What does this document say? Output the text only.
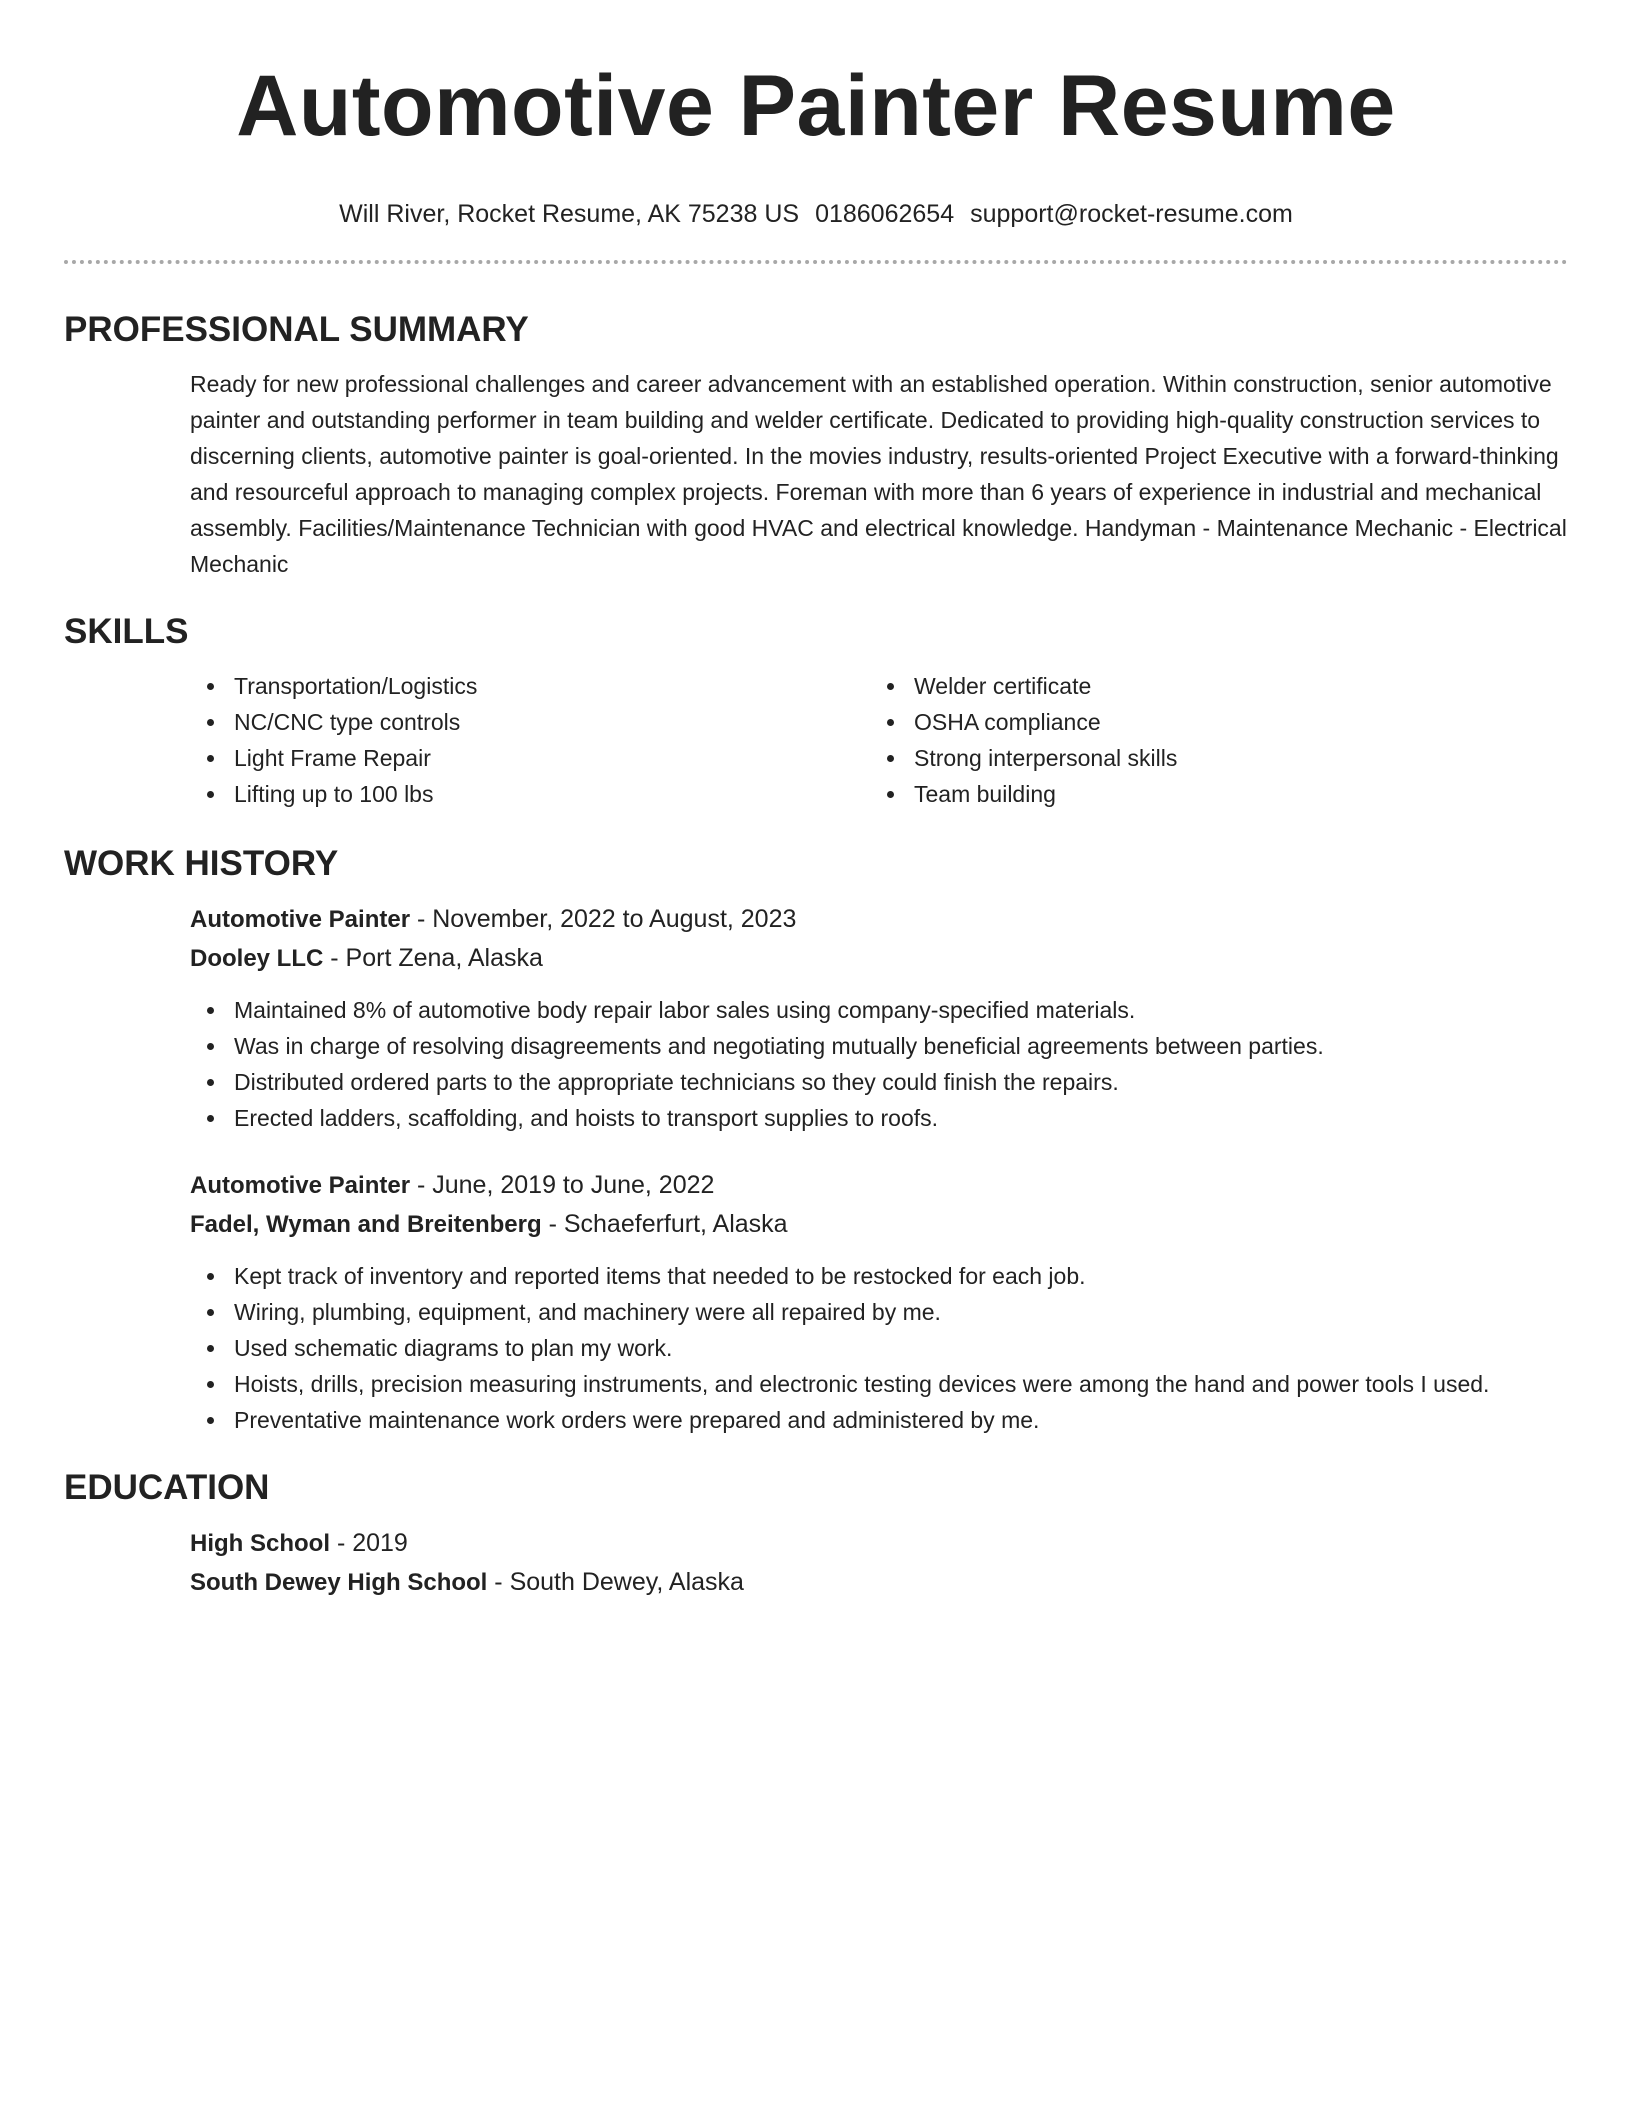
Automotive Painter Resume
Will River, Rocket Resume, AK 75238 US 0186062654 support@rocket-resume.com
PROFESSIONAL SUMMARY

Ready for new professional challenges and career advancement with an established operation. Within construction, senior automotive painter and outstanding performer in team building and welder certificate. Dedicated to providing high-quality construction services to discerning clients, automotive painter is goal-oriented. In the movies industry, results-oriented Project Executive with a forward-thinking and resourceful approach to managing complex projects. Foreman with more than 6 years of experience in industrial and mechanical assembly. Facilities/Maintenance Technician with good HVAC and electrical knowledge. Handyman - Maintenance Mechanic - Electrical Mechanic

SKILLS
Transportation/Logistics
NC/CNC type controls
Light Frame Repair
Lifting up to 100 lbs
Welder certificate
OSHA compliance
Strong interpersonal skills
Team building
WORK HISTORY
Automotive Painter - November, 2022 to August, 2023
Dooley LLC - Port Zena, Alaska
Maintained 8% of automotive body repair labor sales using company-specified materials.
Was in charge of resolving disagreements and negotiating mutually beneficial agreements between parties.
Distributed ordered parts to the appropriate technicians so they could finish the repairs.
Erected ladders, scaffolding, and hoists to transport supplies to roofs.
Automotive Painter - June, 2019 to June, 2022
Fadel, Wyman and Breitenberg - Schaeferfurt, Alaska
Kept track of inventory and reported items that needed to be restocked for each job.
Wiring, plumbing, equipment, and machinery were all repaired by me.
Used schematic diagrams to plan my work.
Hoists, drills, precision measuring instruments, and electronic testing devices were among the hand and power tools I used.
Preventative maintenance work orders were prepared and administered by me.
EDUCATION
High School - 2019
South Dewey High School - South Dewey, Alaska
